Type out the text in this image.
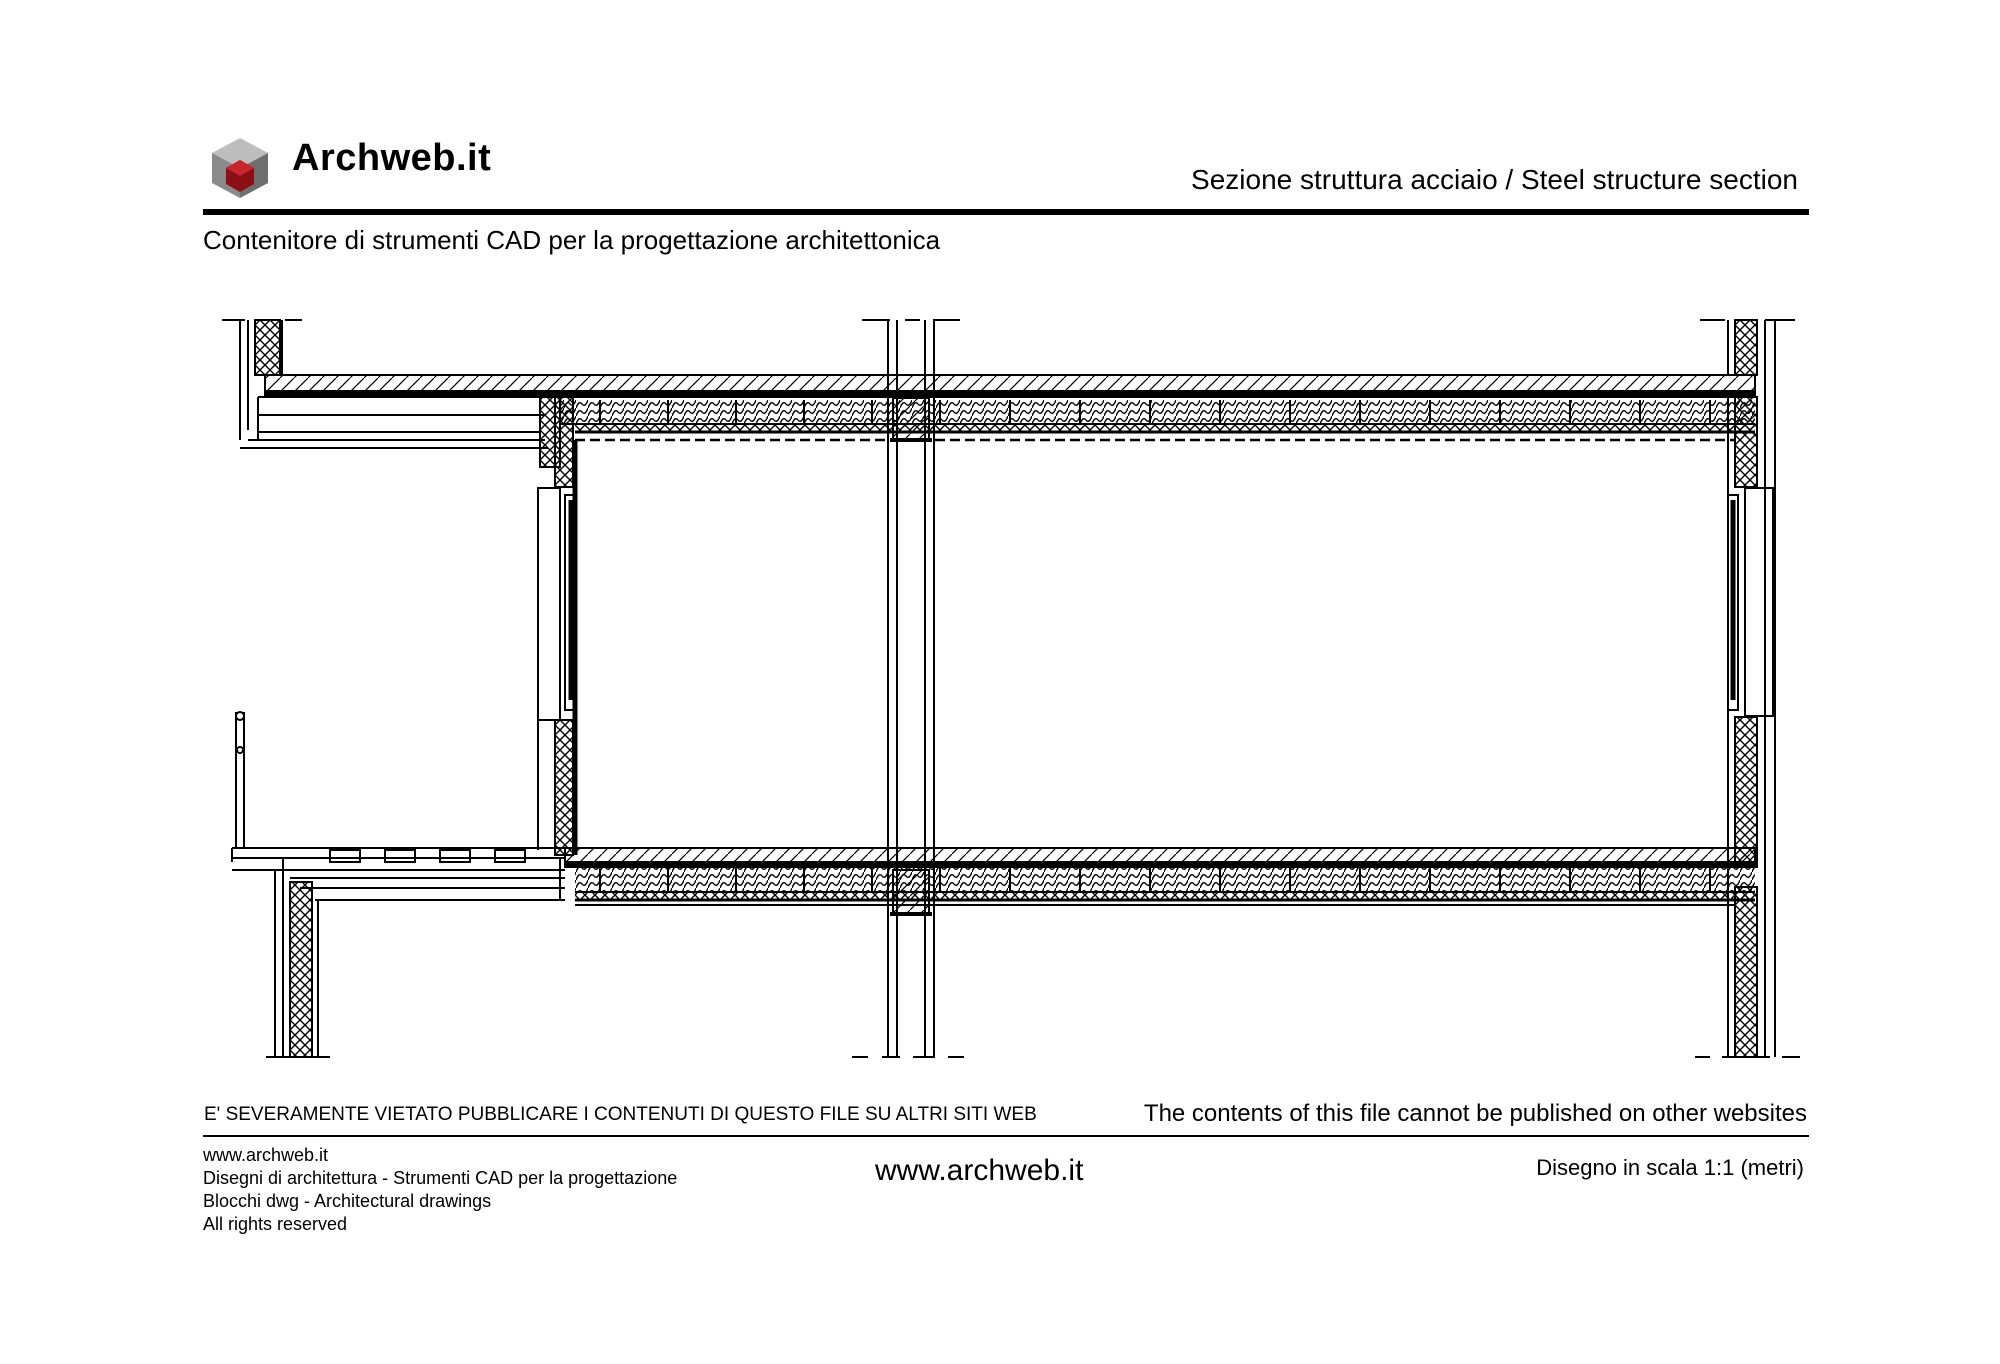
Archweb.it
Sezione struttura acciaio / Steel structure section
Contenitore di strumenti CAD per la progettazione architettonica
E' SEVERAMENTE VIETATO PUBBLICARE I CONTENUTI DI QUESTO FILE SU ALTRI SITI WEB	The contents of this file cannot be published on other websites
www.archweb.it
Disegni di architettura - Strumenti CAD per la progettazione
Blocchi dwg - Architectural drawings
All rights reserved
www.archweb.it	Disegno in scala 1:1 (metri)
